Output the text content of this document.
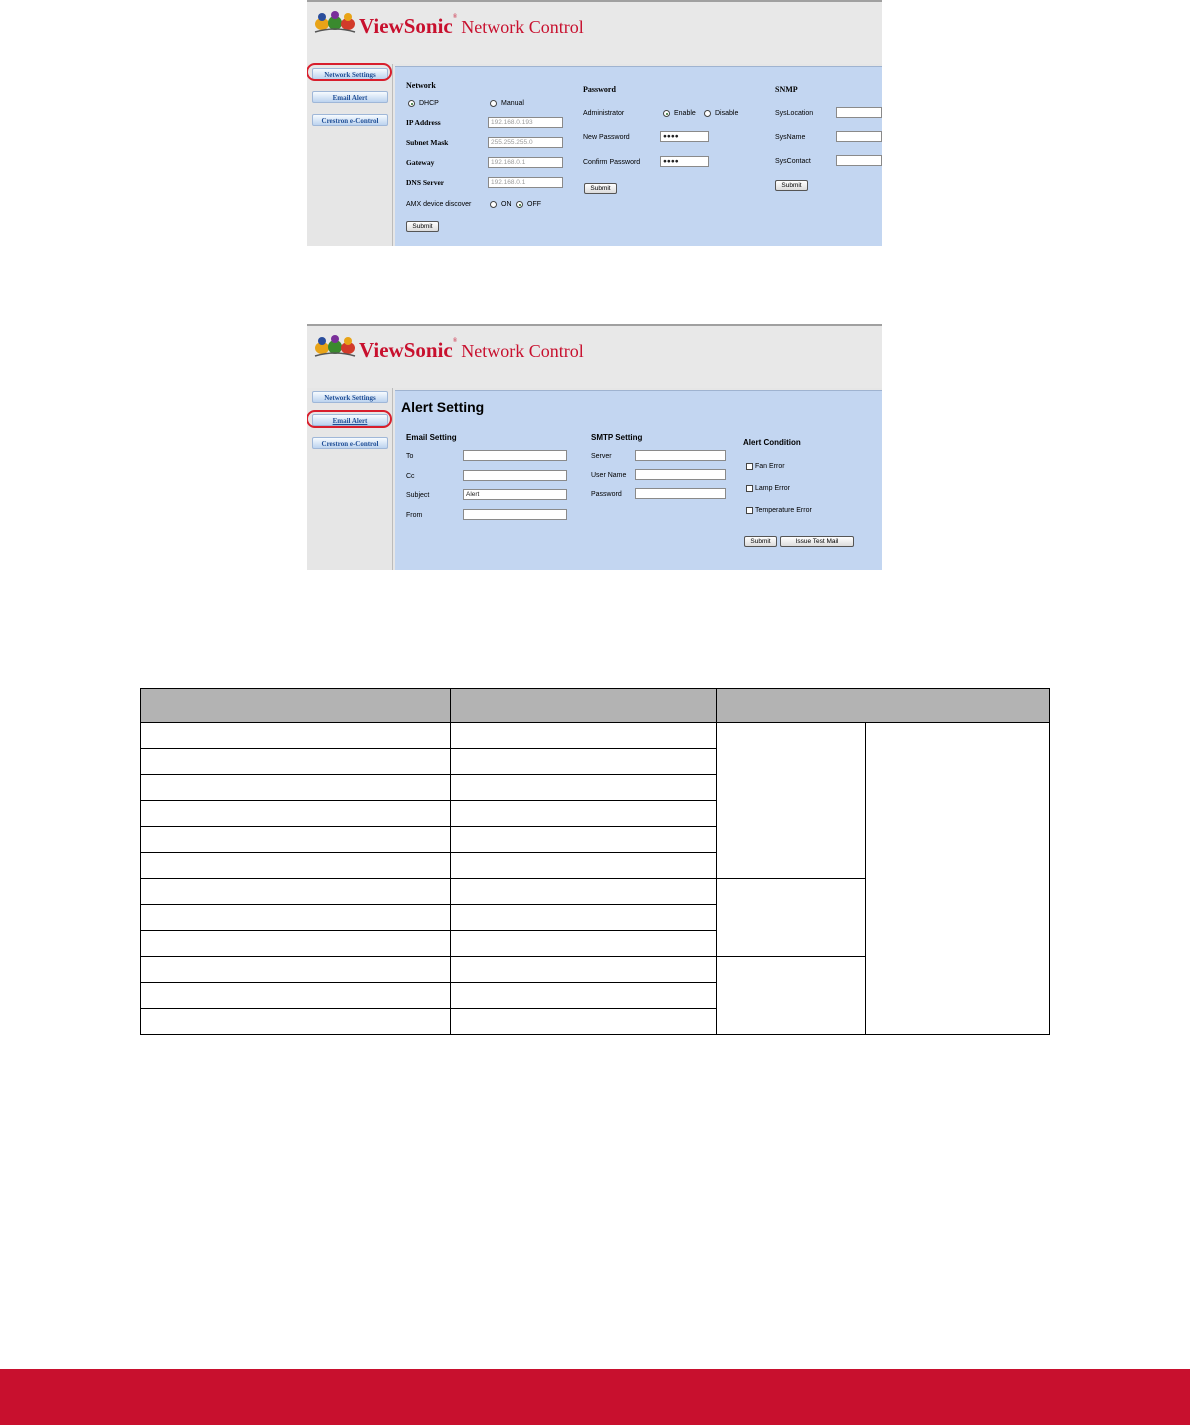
ViewSonic® Network Control
Network Settings
Email Alert
Crestron e-Control
Network
DHCP	Manual
IP Address	192.168.0.193
Subnet Mask	255.255.255.0
Gateway	192.168.0.1
DNS Server	192.168.0.1
AMX device discover	ON OFF
Submit
Password
Administrator	Enable	Disable
New Password	●●●●
Confirm Password	●●●●
Submit
SNMP
SysLocation
SysName
SysContact
Submit
ViewSonic® Network Control
Network Settings
Email Alert
Crestron e-Control
Alert Setting
Email Setting
To
Cc
Subject	Alert
From
SMTP Setting
Server
User Name
Password
Alert Condition
Fan Error
Lamp Error
Temperature Error
Submit	Issue Test Mail
